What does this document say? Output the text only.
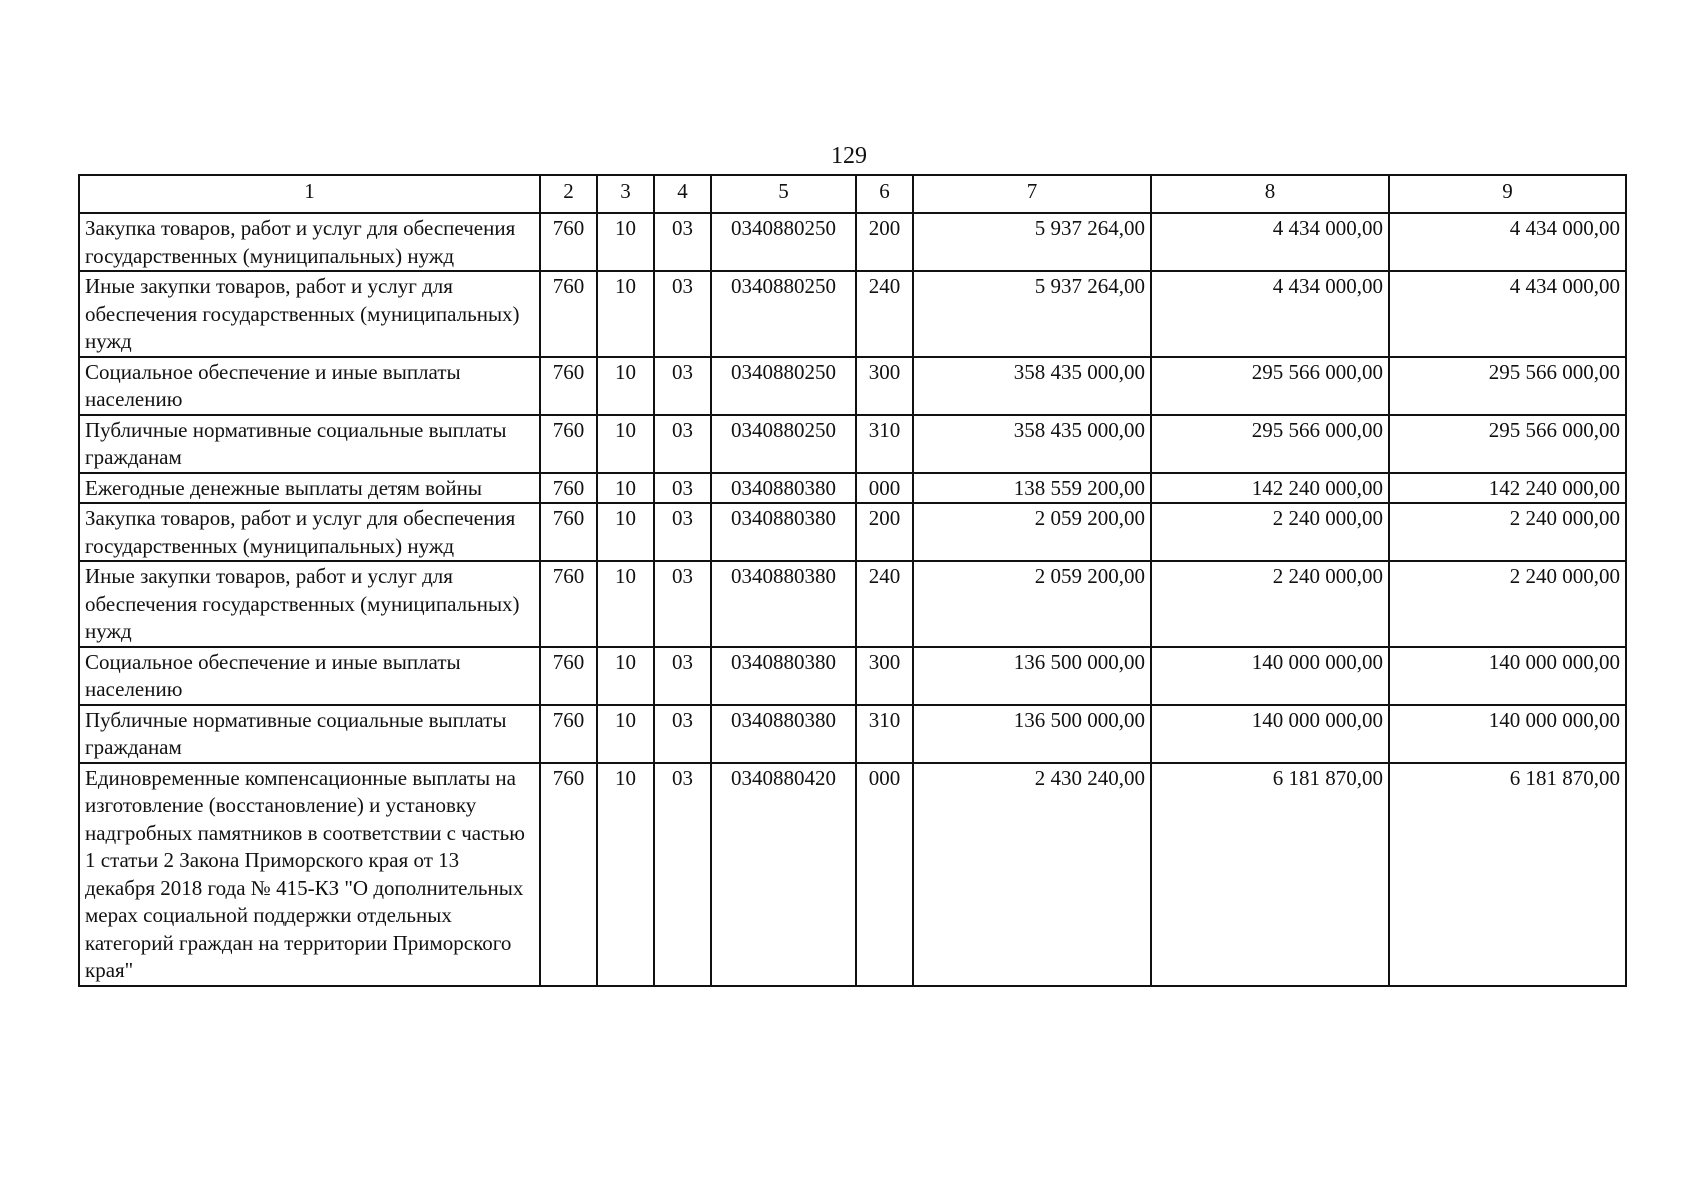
129
1	2	3	4	5	6	7	8	9
Закупка товаров, работ и услуг для обеспечения государственных (муниципальных) нужд	760	10	03	0340880250	200	5 937 264,00	4 434 000,00	4 434 000,00
Иные закупки товаров, работ и услуг для обеспечения государственных (муниципальных) нужд	760	10	03	0340880250	240	5 937 264,00	4 434 000,00	4 434 000,00
Социальное обеспечение и иные выплаты населению	760	10	03	0340880250	300	358 435 000,00	295 566 000,00	295 566 000,00
Публичные нормативные социальные выплаты гражданам	760	10	03	0340880250	310	358 435 000,00	295 566 000,00	295 566 000,00
Ежегодные денежные выплаты детям войны	760	10	03	0340880380	000	138 559 200,00	142 240 000,00	142 240 000,00
Закупка товаров, работ и услуг для обеспечения государственных (муниципальных) нужд	760	10	03	0340880380	200	2 059 200,00	2 240 000,00	2 240 000,00
Иные закупки товаров, работ и услуг для обеспечения государственных (муниципальных) нужд	760	10	03	0340880380	240	2 059 200,00	2 240 000,00	2 240 000,00
Социальное обеспечение и иные выплаты населению	760	10	03	0340880380	300	136 500 000,00	140 000 000,00	140 000 000,00
Публичные нормативные социальные выплаты гражданам	760	10	03	0340880380	310	136 500 000,00	140 000 000,00	140 000 000,00
Единовременные компенсационные выплаты на изготовление (восстановление) и установку надгробных памятников в соответствии с частью 1 статьи 2 Закона Приморского края от 13 декабря 2018 года № 415-КЗ "О дополнительных мерах социальной поддержки отдельных категорий граждан на территории Приморского края"	760	10	03	0340880420	000	2 430 240,00	6 181 870,00	6 181 870,00
